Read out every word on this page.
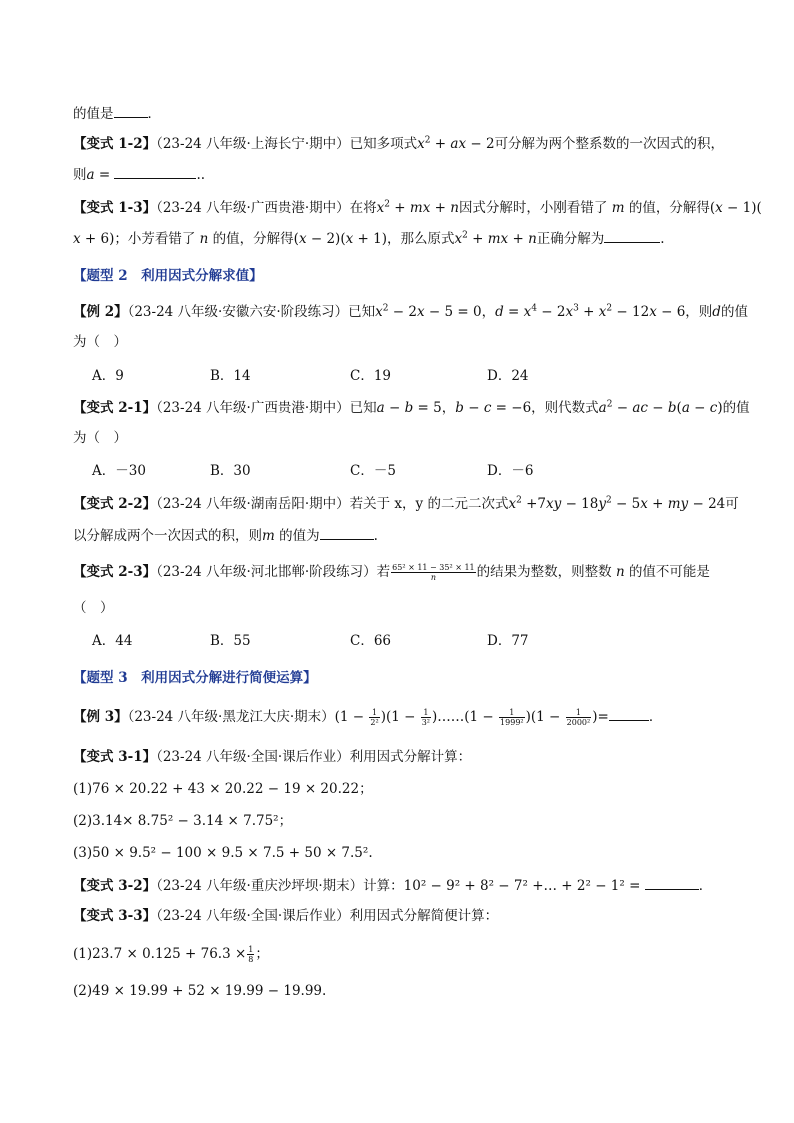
的值是	．
【变式 1-2】（23-24 八年级·上海长宁·期中）已知多项式$x^2$ + ax − 2可分解为两个整系数的一次因式的积，
则a =	..
【变式 1-3】（23-24 八年级·广西贵港·期中）在将$x^2$ + mx + n因式分解时，小刚看错了 m 的值，分解得(x − 1)(
x + 6)；小芳看错了 n 的值，分解得(x − 2)(x + 1)，那么原式$x^2$ + mx + n正确分解为	.
【题型 2　利用因式分解求值】
【例 2】（23-24 八年级·安徽六安·阶段练习）已知$x^2 - 2x - 5 = 0$，$d = x^4 - 2x^3 + x^2 - 12x - 6$，则d的值
为（　）
A．9	B．14	C．19	D．24
【变式 2-1】（23-24 八年级·广西贵港·期中）已知a − b = 5，b − c = −6，则代数式$a^2$ − ac − b(a − c)的值
为（　）
A．－30	B．30	C．－5	D．－6
【变式 2-2】（23-24 八年级·湖南岳阳·期中）若关于 x，y 的二元二次式$x^2 +7xy - 18y^2 - 5x$ + my − 24可
以分解成两个一次因式的积，则m 的值为	.
【变式 2-3】（23-24 八年级·河北邯郸·阶段练习）若 $\frac{\text{65² × 11 − 35² × 11}}{n}$ 的结果为整数，则整数 n 的值不可能是
（　）
A．44	B．55	C．66	D．77
【题型 3　利用因式分解进行简便运算】
【例 3】（23-24 八年级·黑龙江大庆·期末）$(1 - \frac{1}{\text{2²}} )(1 - \frac{1}{\text{3²}}$ )……(1 − $\frac{1}{\text{1999²}} )(1 - \frac{1}{\text{2000²}}$ )=	．
【变式 3-1】（23-24 八年级·全国·课后作业）利用因式分解计算：
(1)76 × 20.22 + 43 × 20.22 − 19 × 20.22；
(2)3.14× 8.75² − 3.14 × 7.75²；
(3)50 × 9.5² − 100 × 9.5 × 7.5 + 50 × 7.5².
【变式 3-2】（23-24 八年级·重庆沙坪坝·期末）计算：10² − 9² + 8² − 7² +… + 2² − 1² =	．
【变式 3-3】（23-24 八年级·全国·课后作业）利用因式分解简便计算：
$(1)23.7 \times 0.125 + 76.3 \times \frac{1}{8}$ ；
(2)49 × 19.99 + 52 × 19.99 − 19.99.
